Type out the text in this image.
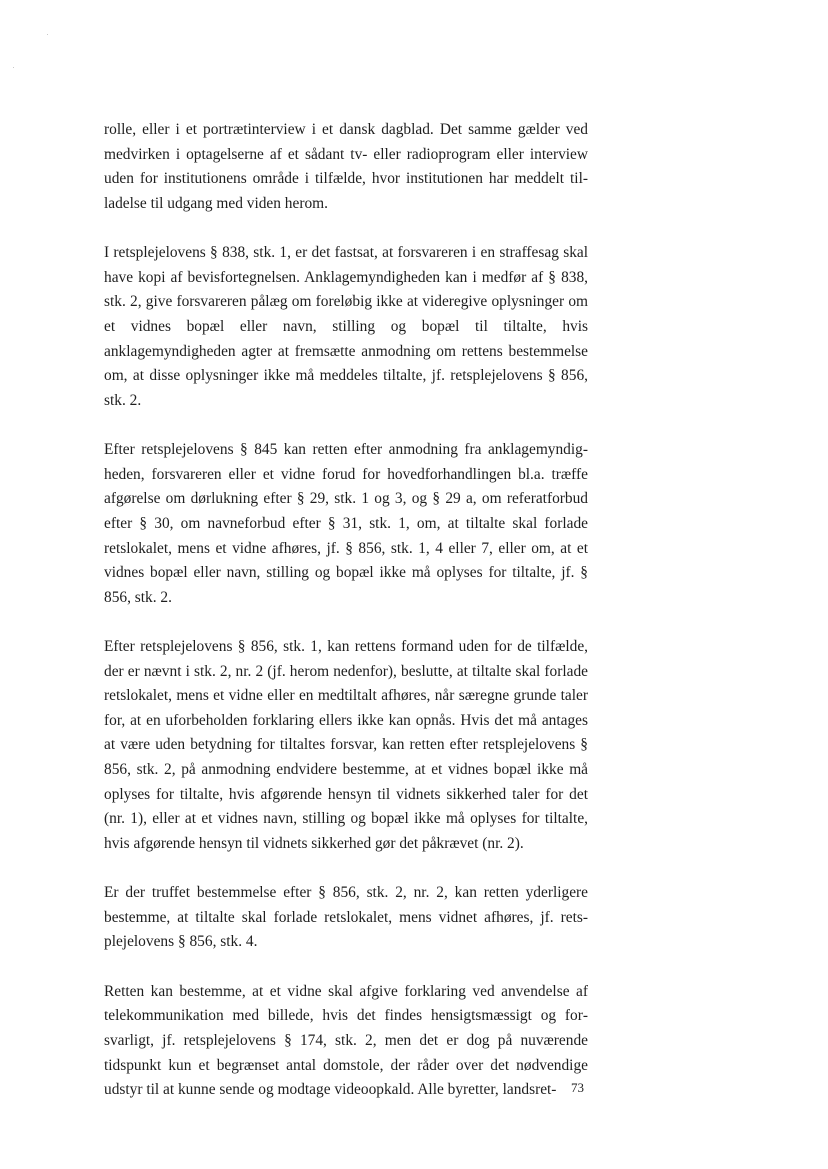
rolle, eller i et portrætinterview i et dansk dagblad. Det samme gælder ved medvirken i optagelserne af et sådant tv- eller radioprogram eller interview uden for institutionens område i tilfælde, hvor institutionen har meddelt tilladelse til udgang med viden herom.

I retsplejelovens § 838, stk. 1, er det fastsat, at forsvareren i en straffesag skal have kopi af bevisfortegnelsen. Anklagemyndigheden kan i medfør af § 838, stk. 2, give forsvareren pålæg om foreløbig ikke at videregive oplysninger om et vidnes bopæl eller navn, stilling og bopæl til tiltalte, hvis anklagemyndigheden agter at fremsætte anmodning om rettens bestemmelse om, at disse oplysninger ikke må meddeles tiltalte, jf. retsplejelovens § 856, stk. 2.

Efter retsplejelovens § 845 kan retten efter anmodning fra anklagemyndigheden, forsvareren eller et vidne forud for hovedforhandlingen bl.a. træffe afgørelse om dørlukning efter § 29, stk. 1 og 3, og § 29 a, om referatforbud efter § 30, om navneforbud efter § 31, stk. 1, om, at tiltalte skal forlade retslokalet, mens et vidne afhøres, jf. § 856, stk. 1, 4 eller 7, eller om, at et vidnes bopæl eller navn, stilling og bopæl ikke må oplyses for tiltalte, jf. § 856, stk. 2.

Efter retsplejelovens § 856, stk. 1, kan rettens formand uden for de tilfælde, der er nævnt i stk. 2, nr. 2 (jf. herom nedenfor), beslutte, at tiltalte skal forlade retslokalet, mens et vidne eller en medtiltalt afhøres, når særegne grunde taler for, at en uforbeholden forklaring ellers ikke kan opnås. Hvis det må antages at være uden betydning for tiltaltes forsvar, kan retten efter retsplejelovens § 856, stk. 2, på anmodning endvidere bestemme, at et vidnes bopæl ikke må oplyses for tiltalte, hvis afgørende hensyn til vidnets sikkerhed taler for det (nr. 1), eller at et vidnes navn, stilling og bopæl ikke må oplyses for tiltalte, hvis afgørende hensyn til vidnets sikkerhed gør det påkrævet (nr. 2).

Er der truffet bestemmelse efter § 856, stk. 2, nr. 2, kan retten yderligere bestemme, at tiltalte skal forlade retslokalet, mens vidnet afhøres, jf. retsplejelovens § 856, stk. 4.

Retten kan bestemme, at et vidne skal afgive forklaring ved anvendelse af telekommunikation med billede, hvis det findes hensigtsmæssigt og forsvarligt, jf. retsplejelovens § 174, stk. 2, men det er dog på nuværende tidspunkt kun et begrænset antal domstole, der råder over det nødvendige udstyr til at kunne sende og modtage videoopkald. Alle byretter, landsret-	73
